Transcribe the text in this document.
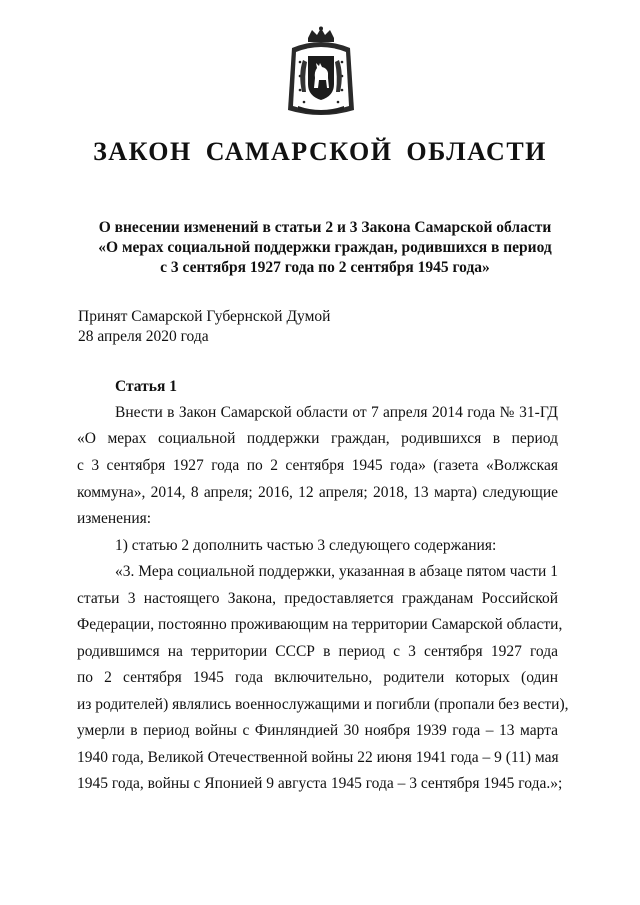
ЗАКОН САМАРСКОЙ ОБЛАСТИ
О внесении изменений в статьи 2 и 3 Закона Самарской области
«О мерах социальной поддержки граждан, родившихся в период
с 3 сентября 1927 года по 2 сентября 1945 года»
Принят Самарской Губернской Думой
28 апреля 2020 года
Статья 1
Внести в Закон Самарской области от 7 апреля 2014 года № 31-ГД
«О мерах социальной поддержки граждан, родившихся в период
с 3 сентября 1927 года по 2 сентября 1945 года» (газета «Волжская
коммуна», 2014, 8 апреля; 2016, 12 апреля; 2018, 13 марта) следующие
изменения:
1) статью 2 дополнить частью 3 следующего содержания:
«3. Мера социальной поддержки, указанная в абзаце пятом части 1
статьи 3 настоящего Закона, предоставляется гражданам Российской
Федерации, постоянно проживающим на территории Самарской области,
родившимся на территории СССР в период с 3 сентября 1927 года
по 2 сентября 1945 года включительно, родители которых (один
из родителей) являлись военнослужащими и погибли (пропали без вести),
умерли в период войны с Финляндией 30 ноября 1939 года – 13 марта
1940 года, Великой Отечественной войны 22 июня 1941 года – 9 (11) мая
1945 года, войны с Японией 9 августа 1945 года – 3 сентября 1945 года.»;
